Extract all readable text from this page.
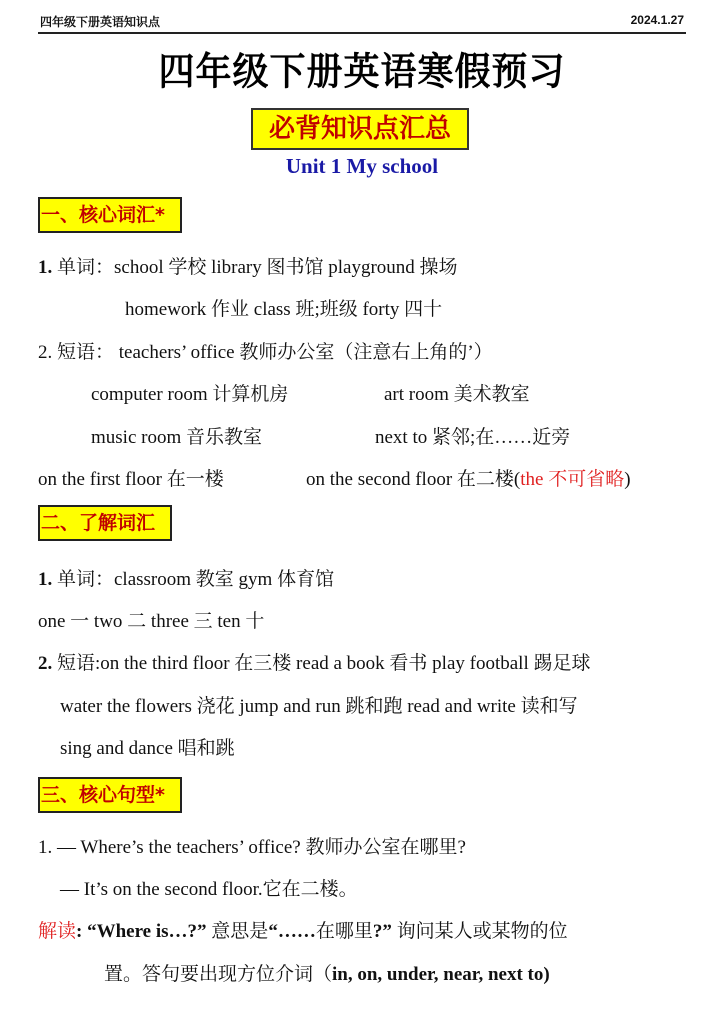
四年级下册英语知识点	2024.1.27
四年级下册英语寒假预习
必背知识点汇总
Unit 1 My school
一、核心词汇*
1. 单词：school 学校 library 图书馆 playground 操场
homework 作业 class 班;班级 forty 四十
2. 短语： teachers’ office 教师办公室（注意右上角的’）
computer room 计算机房	art room 美术教室
music room 音乐教室	next to 紧邻;在……近旁
on the first floor 在一楼	on the second floor 在二楼(the 不可省略)
二、了解词汇
1. 单词：classroom 教室 gym 体育馆
one 一 two 二 three 三 ten 十
2. 短语:on the third floor 在三楼 read a book 看书 play football 踢足球
water the flowers 浇花 jump and run 跳和跑 read and write 读和写
sing and dance 唱和跳
三、核心句型*
1. — Where’s the teachers’ office? 教师办公室在哪里?
— It’s on the second floor.它在二楼。
解读: “Where is…?” 意思是“……在哪里?” 询问某人或某物的位
置。答句要出现方位介词（in, on, under, near, next to)
